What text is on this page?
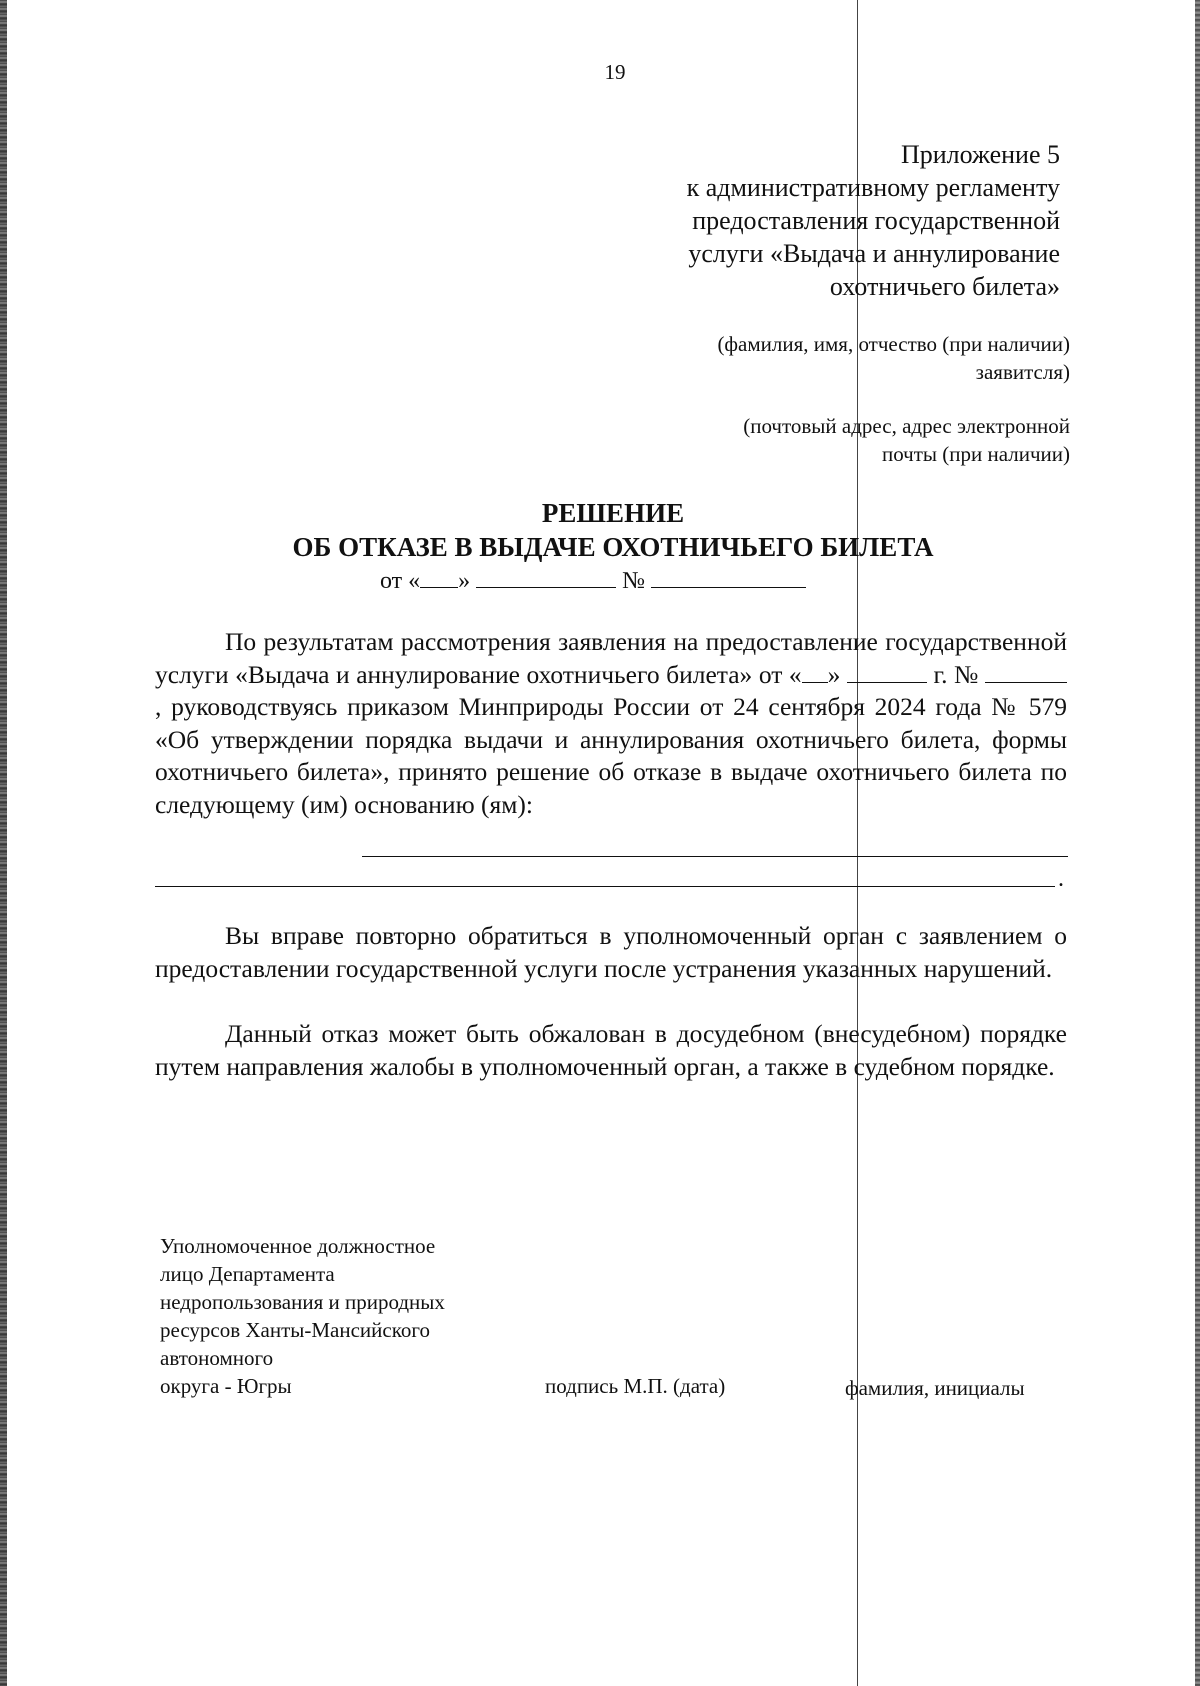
19
Приложение 5
к административному регламенту
предоставления государственной
услуги «Выдача и аннулирование
охотничьего билета»
(фамилия, имя, отчество (при наличии)
заявитсля)
(почтовый адрес, адрес электронной
почты (при наличии)
РЕШЕНИЕ
ОБ ОТКАЗЕ В ВЫДАЧЕ ОХОТНИЧЬЕГО БИЛЕТА
от « »	№

По результатам рассмотрения заявления на предоставление государственной услуги «Выдача и аннулирование охотничьего билета» от « »	г. № , руководствуясь приказом Минприроды России от 24 сентября 2024 года № 579 «Об утверждении порядка выдачи и аннулирования охотничьего билета, формы охотничьего билета», принято решение об отказе в выдаче охотничьего билета по следующему (им) основанию (ям):

.

Вы вправе повторно обратиться в уполномоченный орган с заявлением о предоставлении государственной услуги после устранения указанных нарушений.

Данный отказ может быть обжалован в досудебном (внесудебном) порядке путем направления жалобы в уполномоченный орган, а также в судебном порядке.

Уполномоченное должностное
лицо Департамента
недропользования и природных
ресурсов Ханты-Мансийского
автономного
округа - Югры	подпись М.П. (дата)	фамилия, инициалы
